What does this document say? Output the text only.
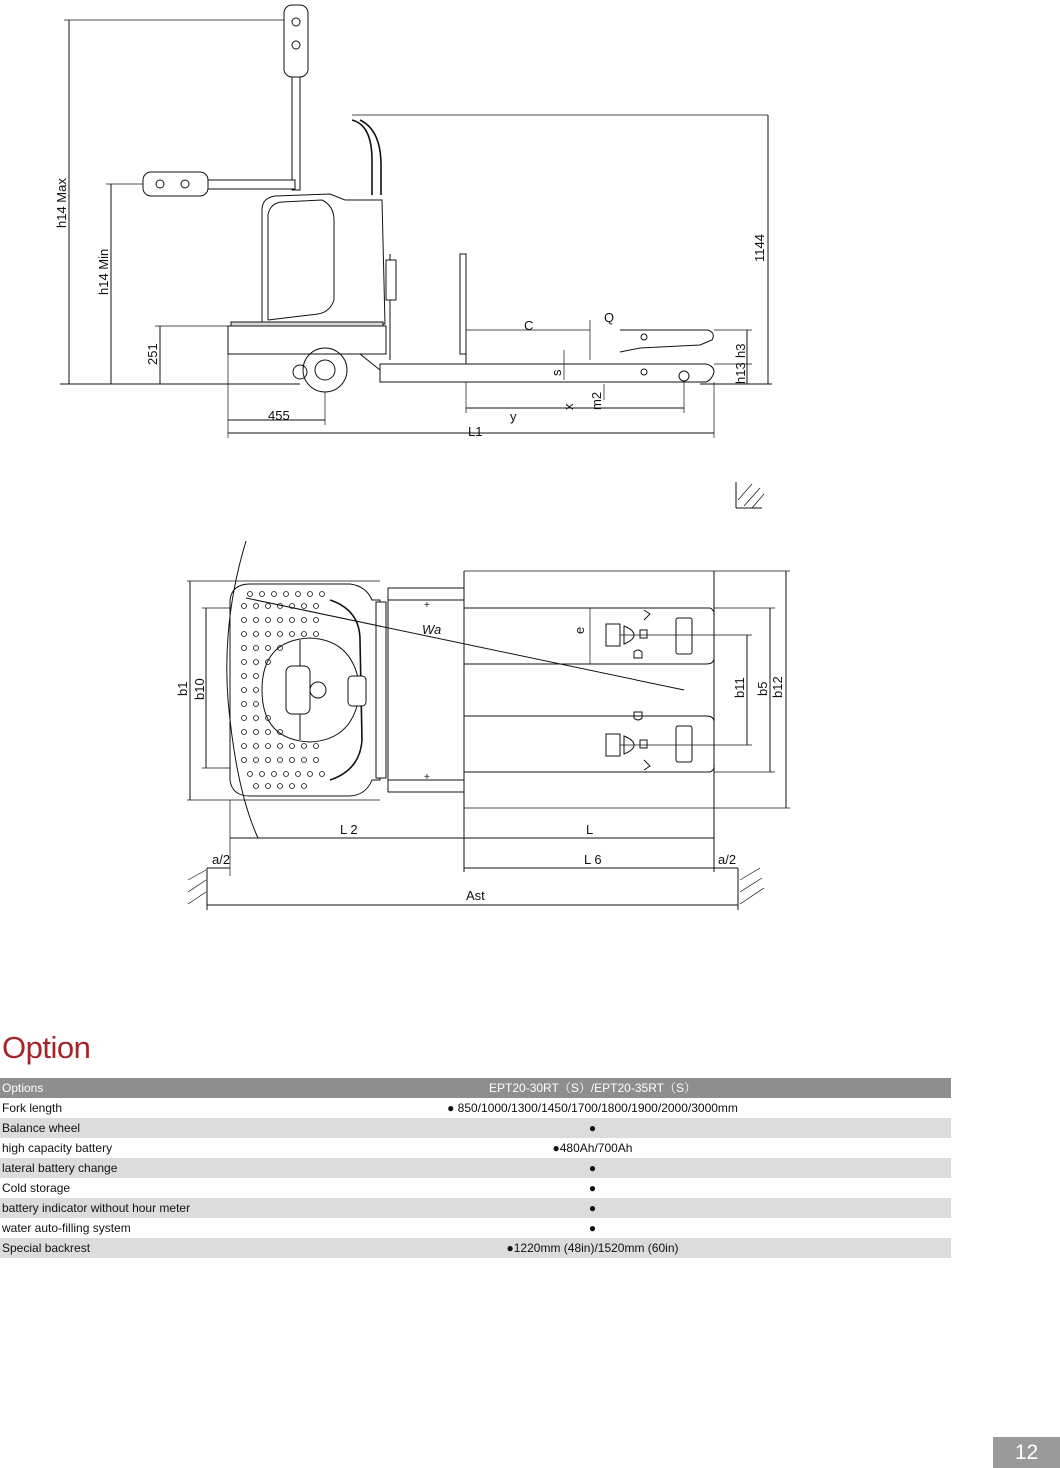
h14 Max
h14 Min
251
455
L1
y
x m2
s
C
Q
h3
h13
1144
+
+
b1 b10
Wa	e
b11 b5 b12
L 2	L
a/2	L 6	a/2
Ast
Option
Options	EPT20-30RT（S）/EPT20-35RT（S）
Fork length	● 850/1000/1300/1450/1700/1800/1900/2000/3000mm
Balance wheel	●
high capacity battery	●480Ah/700Ah
lateral battery change	●
Cold storage	●
battery indicator without hour meter	●
water auto-filling system	●
Special backrest	●1220mm (48in)/1520mm (60in)
12
